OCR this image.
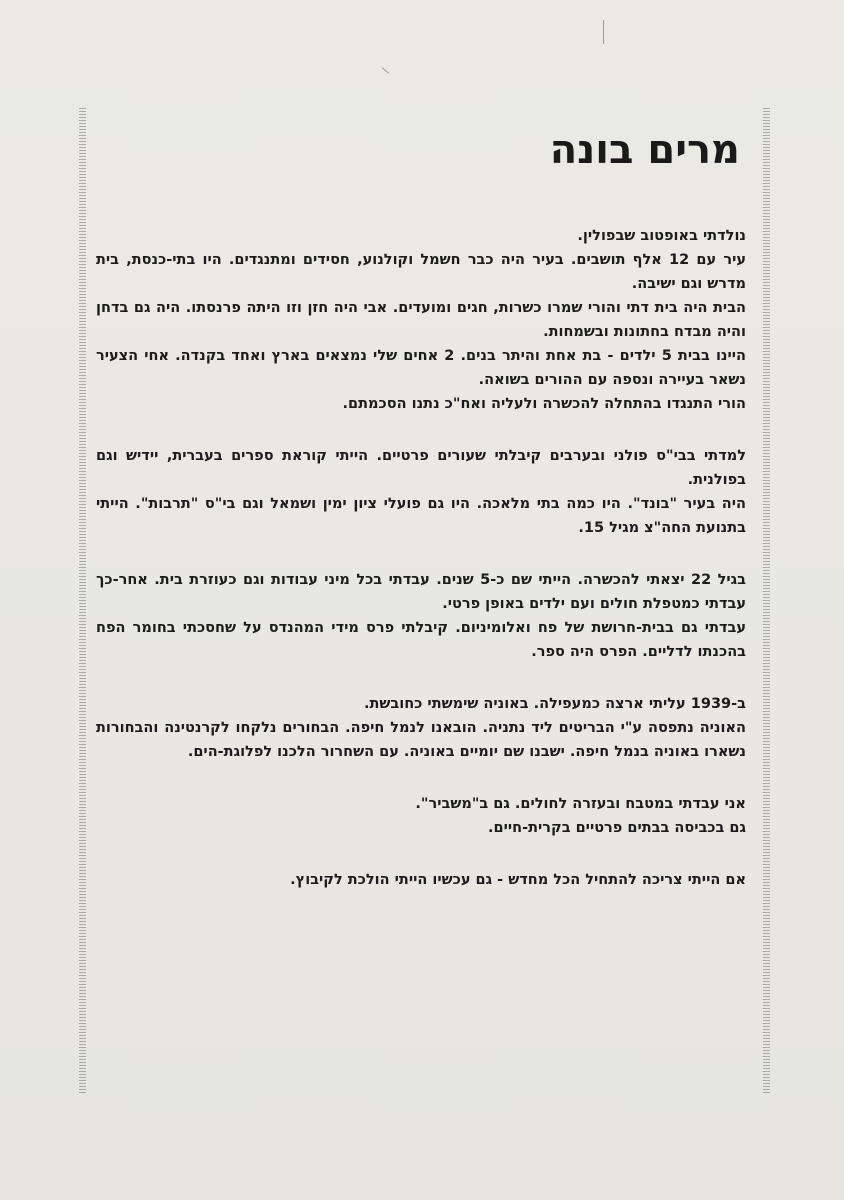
מרים בונה

נולדתי באופטוב שבפולין.
עיר עם 12 אלף תושבים. בעיר היה כבר חשמל וקולנוע, חסידים ומתנגדים. היו בתי-כנסת, בית מדרש וגם ישיבה.
הבית היה בית דתי והורי שמרו כשרות, חגים ומועדים. אבי היה חזן וזו היתה פרנסתו. היה גם בדחן והיה מבדח בחתונות ובשמחות.
היינו בבית 5 ילדים - בת אחת והיתר בנים. 2 אחים שלי נמצאים בארץ ואחד בקנדה. אחי הצעיר נשאר בעיירה ונספה עם ההורים בשואה.
הורי התנגדו בהתחלה להכשרה ולעליה ואח"כ נתנו הסכמתם.

למדתי בבי"ס פולני ובערבים קיבלתי שעורים פרטיים. הייתי קוראת ספרים בעברית, יידיש וגם בפולנית.
היה בעיר "בונד". היו כמה בתי מלאכה. היו גם פועלי ציון ימין ושמאל וגם בי"ס "תרבות". הייתי בתנועת החה"צ מגיל 15.

בגיל 22 יצאתי להכשרה. הייתי שם כ-5 שנים. עבדתי בכל מיני עבודות וגם כעוזרת בית. אחר-כך עבדתי כמטפלת חולים ועם ילדים באופן פרטי.
עבדתי גם בבית-חרושת של פח ואלומיניום. קיבלתי פרס מידי המהנדס על שחסכתי בחומר הפח בהכנתו לדליים. הפרס היה ספר.

ב-1939 עליתי ארצה כמעפילה. באוניה שימשתי כחובשת.
האוניה נתפסה ע"י הבריטים ליד נתניה. הובאנו לנמל חיפה. הבחורים נלקחו לקרנטינה והבחורות נשארו באוניה בנמל חיפה. ישבנו שם יומיים באוניה. עם השחרור הלכנו לפלוגת-הים.

אני עבדתי במטבח ובעזרה לחולים. גם ב"משביר".
גם בכביסה בבתים פרטיים בקרית-חיים.

אם הייתי צריכה להתחיל הכל מחדש - גם עכשיו הייתי הולכת לקיבוץ.
